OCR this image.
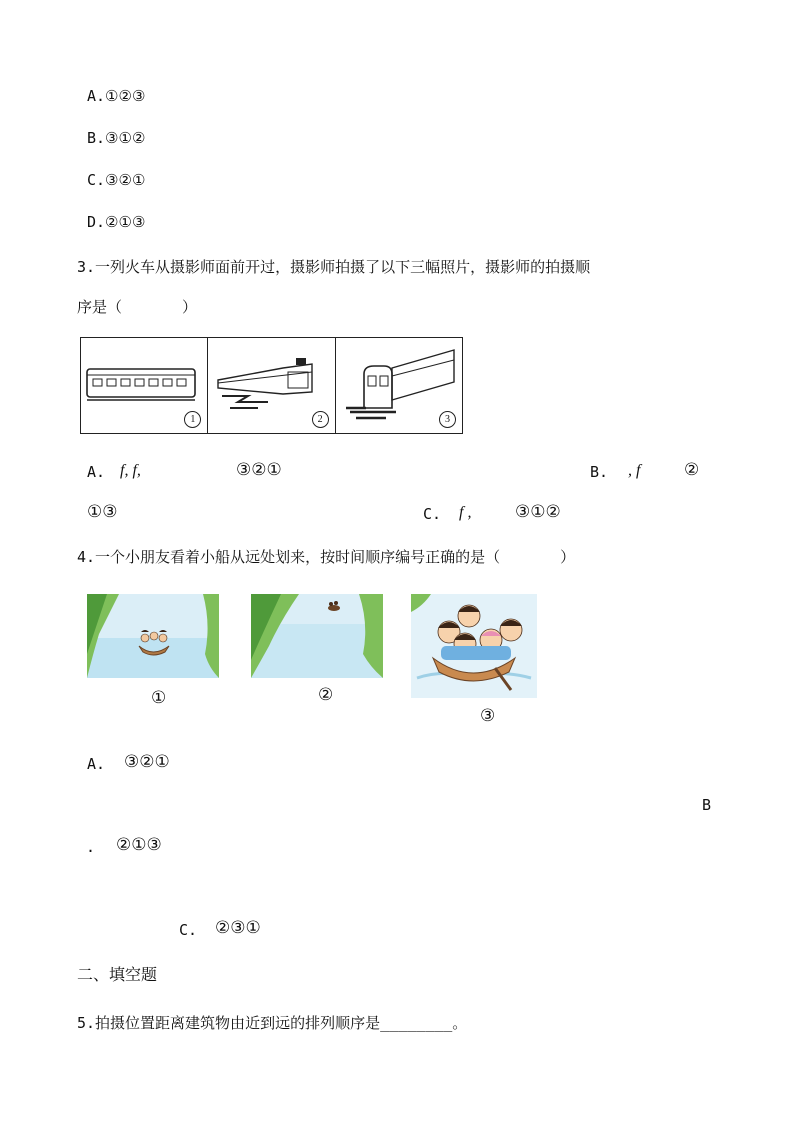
A.①②③
B.③①②
C.③②①
D.②①③
3.一列火车从摄影师面前开过，摄影师拍摄了以下三幅照片，摄影师的拍摄顺
序是（　　　　）
1	2	3
A. f, f,	③②①	B. , f	②
①③	C. f ,	③①②
4.一个小朋友看着小船从远处划来，按时间顺序编号正确的是（　　　　）
①	②
③
A. ③②①
B
. ②①③
C. ②③①
二、填空题
5.拍摄位置距离建筑物由近到远的排列顺序是________。
